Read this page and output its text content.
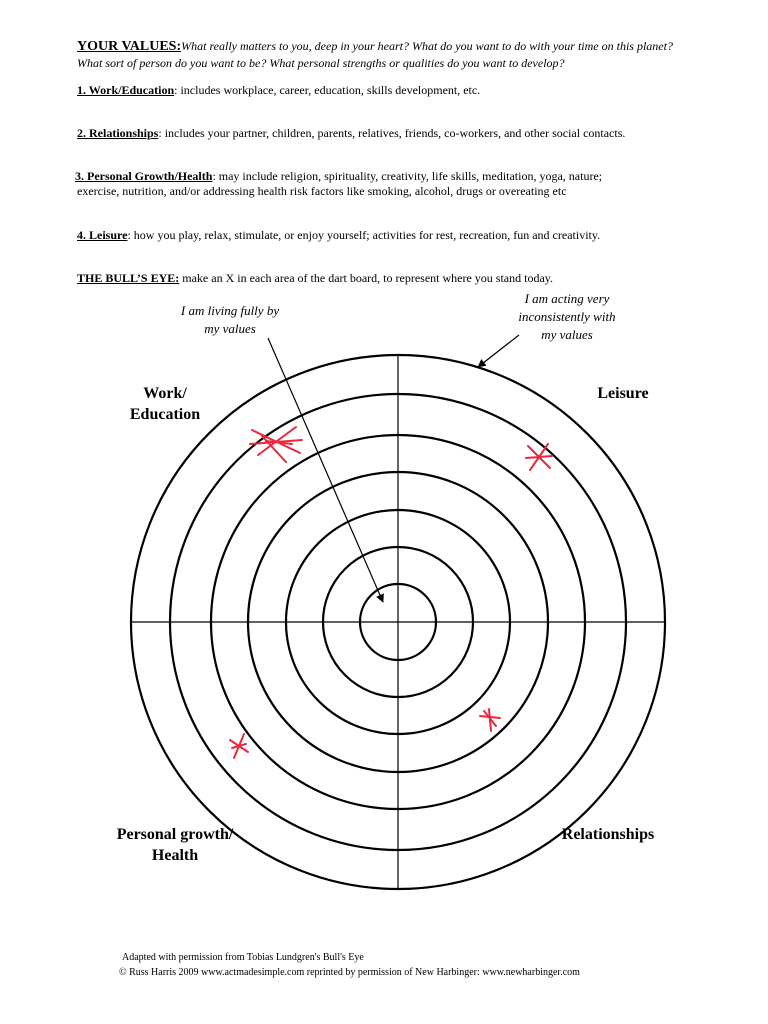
YOUR VALUES:What really matters to you, deep in your heart? What do you want to do with your time on this planet? What sort of person do you want to be? What personal strengths or qualities do you want to develop?
1. Work/Education: includes workplace, career, education, skills development, etc.
2. Relationships: includes your partner, children, parents, relatives, friends, co-workers, and other social contacts.
3. Personal Growth/Health: may include religion, spirituality, creativity, life skills, meditation, yoga, nature;
exercise, nutrition, and/or addressing health risk factors like smoking, alcohol, drugs or overeating etc
4. Leisure: how you play, relax, stimulate, or enjoy yourself; activities for rest, recreation, fun and creativity.
THE BULL’S EYE: make an X in each area of the dart board, to represent where you stand today.
I am living fully by
my values
I am acting very
inconsistently with
my values
Work/
Education
Leisure
Personal growth/
Health
Relationships
Adapted with permission from Tobias Lundgren's Bull's Eye
© Russ Harris 2009 www.actmadesimple.com reprinted by permission of New Harbinger: www.newharbinger.com
